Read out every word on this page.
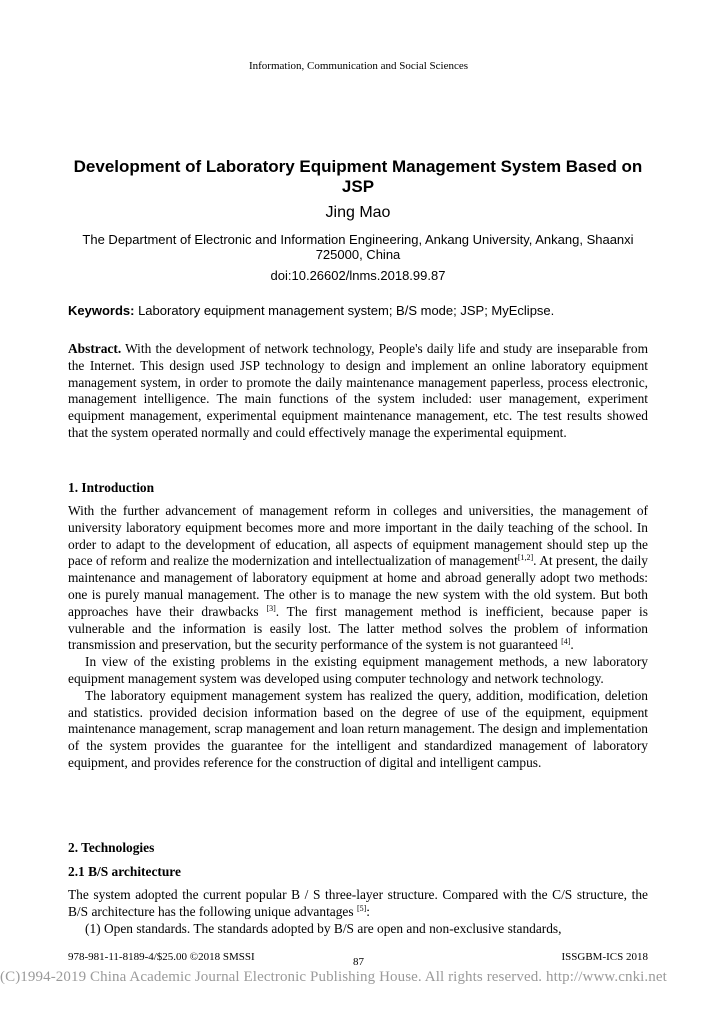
Information, Communication and Social Sciences
Development of Laboratory Equipment Management System Based on JSP
Jing Mao
The Department of Electronic and Information Engineering, Ankang University, Ankang, Shaanxi 725000, China
doi:10.26602/lnms.2018.99.87
Keywords: Laboratory equipment management system; B/S mode; JSP; MyEclipse.
Abstract. With the development of network technology, People's daily life and study are inseparable from the Internet. This design used JSP technology to design and implement an online laboratory equipment management system, in order to promote the daily maintenance management paperless, process electronic, management intelligence. The main functions of the system included: user management, experiment equipment management, experimental equipment maintenance management, etc. The test results showed that the system operated normally and could effectively manage the experimental equipment.
1. Introduction

With the further advancement of management reform in colleges and universities, the management of university laboratory equipment becomes more and more important in the daily teaching of the school. In order to adapt to the development of education, all aspects of equipment management should step up the pace of reform and realize the modernization and intellectualization of management[1,2]. At present, the daily maintenance and management of laboratory equipment at home and abroad generally adopt two methods: one is purely manual management. The other is to manage the new system with the old system. But both approaches have their drawbacks [3]. The first management method is inefficient, because paper is vulnerable and the information is easily lost. The latter method solves the problem of information transmission and preservation, but the security performance of the system is not guaranteed [4].

In view of the existing problems in the existing equipment management methods, a new laboratory equipment management system was developed using computer technology and network technology.

The laboratory equipment management system has realized the query, addition, modification, deletion and statistics. provided decision information based on the degree of use of the equipment, equipment maintenance management, scrap management and loan return management. The design and implementation of the system provides the guarantee for the intelligent and standardized management of laboratory equipment, and provides reference for the construction of digital and intelligent campus.

2. Technologies
2.1 B/S architecture

The system adopted the current popular B / S three-layer structure. Compared with the C/S structure, the B/S architecture has the following unique advantages [5]:

(1) Open standards. The standards adopted by B/S are open and non-exclusive standards,

978-981-11-8189-4/$25.00 ©2018 SMSSI	87	ISSGBM-ICS 2018
(C)1994-2019 China Academic Journal Electronic Publishing House. All rights reserved. http://www.cnki.net
